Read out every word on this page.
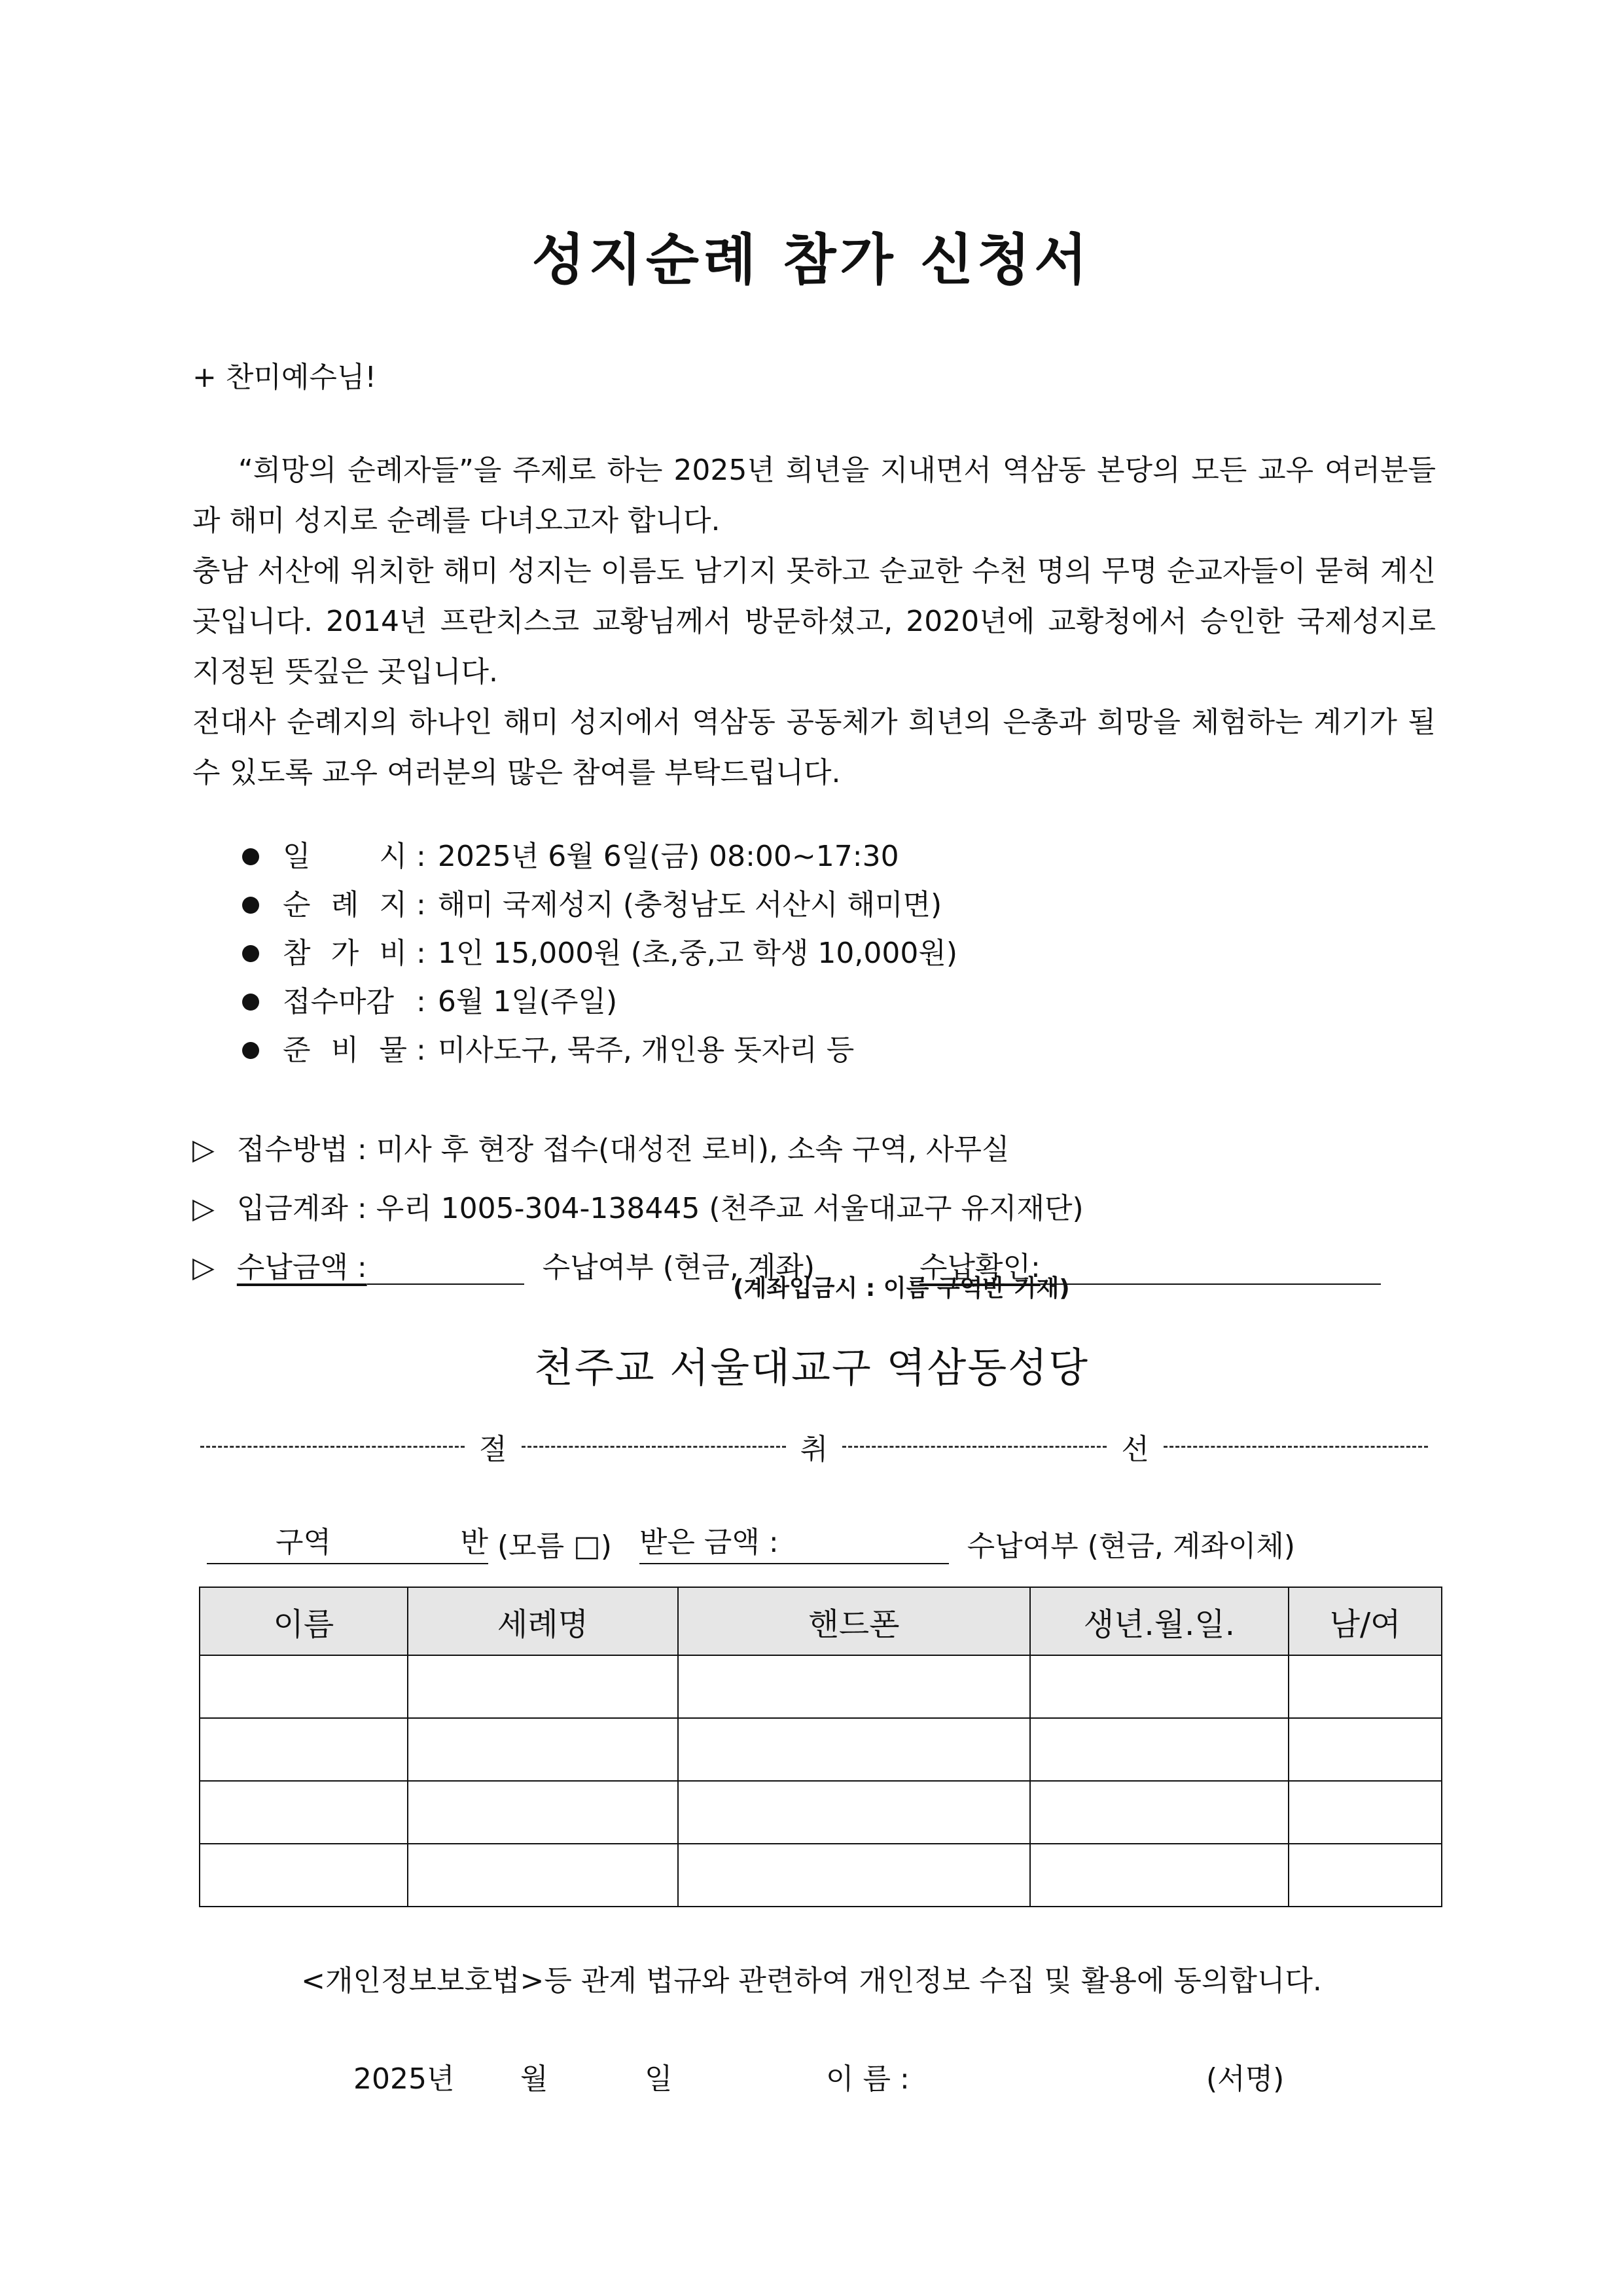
성지순례 참가 신청서
+ 찬미예수님!

“희망의 순례자들”을 주제로 하는 2025년 희년을 지내면서 역삼동 본당의 모든 교우 여러분들과 해미 성지로 순례를 다녀오고자 합니다.

충남 서산에 위치한 해미 성지는 이름도 남기지 못하고 순교한 수천 명의 무명 순교자들이 묻혀 계신 곳입니다. 2014년 프란치스코 교황님께서 방문하셨고, 2020년에 교황청에서 승인한 국제성지로 지정된 뜻깊은 곳입니다.

전대사 순례지의 하나인 해미 성지에서 역삼동 공동체가 희년의 은총과 희망을 체험하는 계기가 될 수 있도록 교우 여러분의 많은 참여를 부탁드립니다.

일 시 : 2025년 6월 6일(금) 08:00~17:30
순 례 지 : 해미 국제성지 (충청남도 서산시 해미면)
참 가 비 : 1인 15,000원 (초,중,고 학생 10,000원)
접수마감 : 6월 1일(주일)
준 비 물 : 미사도구, 묵주, 개인용 돗자리 등
▷ 접수방법
:
미사 후 현장 접수(대성전 로비), 소속 구역, 사무실
▷ 입금계좌
:
우리 1005-304-138445 (천주교 서울대교구 유지재단)
▷ 수납금액 :
	수납여부 (현금, 계좌)	수납확인:
(계좌입금시 : 이름 구역반 기재)
천주교 서울대교구 역삼동성당
절	취	선
구역	반
(모름 □)
받은 금액 :
	수납여부 (현금, 계좌이체)
이름	세례명	핸드폰	생년.월.일.	남/여

<개인정보보호법>등 관계 법규와 관련하여 개인정보 수집 및 활용에 동의합니다.
2025년 월	일	이 름 :	(서명)
